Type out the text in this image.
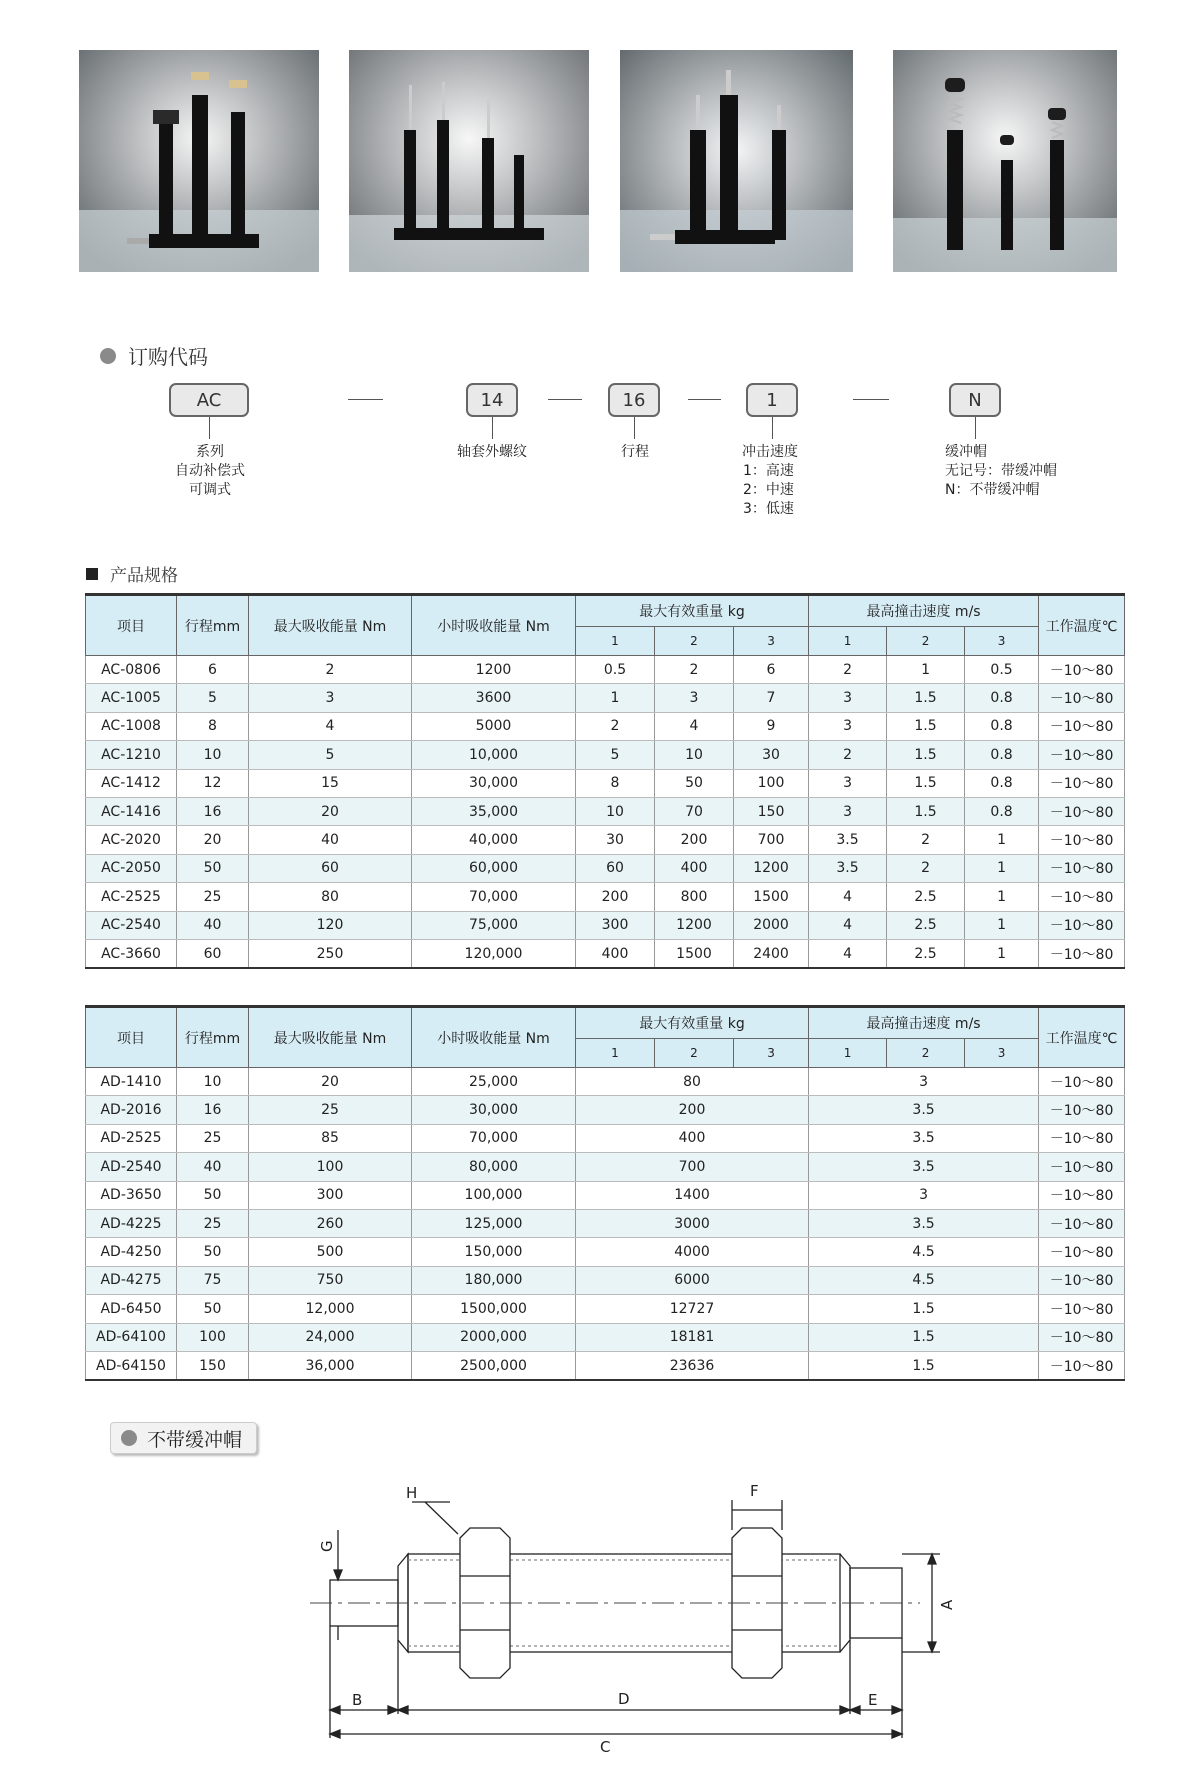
订购代码
AC
系列
自动补偿式
可调式
14
轴套外螺纹
16
行程
1
冲击速度
1：高速
2：中速
3：低速
N
缓冲帽
无记号：带缓冲帽
N：不带缓冲帽
产品规格
项目	行程mm	最大吸收能量 Nm	小时吸收能量 Nm	最大有效重量 kg			最高撞击速度 m/s			工作温度℃
				1	2	3	1	2	3	
AC-0806	6	2	1200	0.5	2	6	2	1	0.5	－10～80
AC-1005	5	3	3600	1	3	7	3	1.5	0.8	－10～80
AC-1008	8	4	5000	2	4	9	3	1.5	0.8	－10～80
AC-1210	10	5	10,000	5	10	30	2	1.5	0.8	－10～80
AC-1412	12	15	30,000	8	50	100	3	1.5	0.8	－10～80
AC-1416	16	20	35,000	10	70	150	3	1.5	0.8	－10～80
AC-2020	20	40	40,000	30	200	700	3.5	2	1	－10～80
AC-2050	50	60	60,000	60	400	1200	3.5	2	1	－10～80
AC-2525	25	80	70,000	200	800	1500	4	2.5	1	－10～80
AC-2540	40	120	75,000	300	1200	2000	4	2.5	1	－10～80
AC-3660	60	250	120,000	400	1500	2400	4	2.5	1	－10～80
项目	行程mm	最大吸收能量 Nm	小时吸收能量 Nm	最大有效重量 kg			最高撞击速度 m/s			工作温度℃
				1	2	3	1	2	3	
AD-1410	10	20	25,000	80			3			－10～80
AD-2016	16	25	30,000	200			3.5			－10～80
AD-2525	25	85	70,000	400			3.5			－10～80
AD-2540	40	100	80,000	700			3.5			－10～80
AD-3650	50	300	100,000	1400			3			－10～80
AD-4225	25	260	125,000	3000			3.5			－10～80
AD-4250	50	500	150,000	4000			4.5			－10～80
AD-4275	75	750	180,000	6000			4.5			－10～80
AD-6450	50	12,000	1500,000	12727			1.5			－10～80
AD-64100	100	24,000	2000,000	18181			1.5			－10～80
AD-64150	150	36,000	2500,000	23636			1.5			－10～80
不带缓冲帽
B	D	E
C
F
H
G
A
